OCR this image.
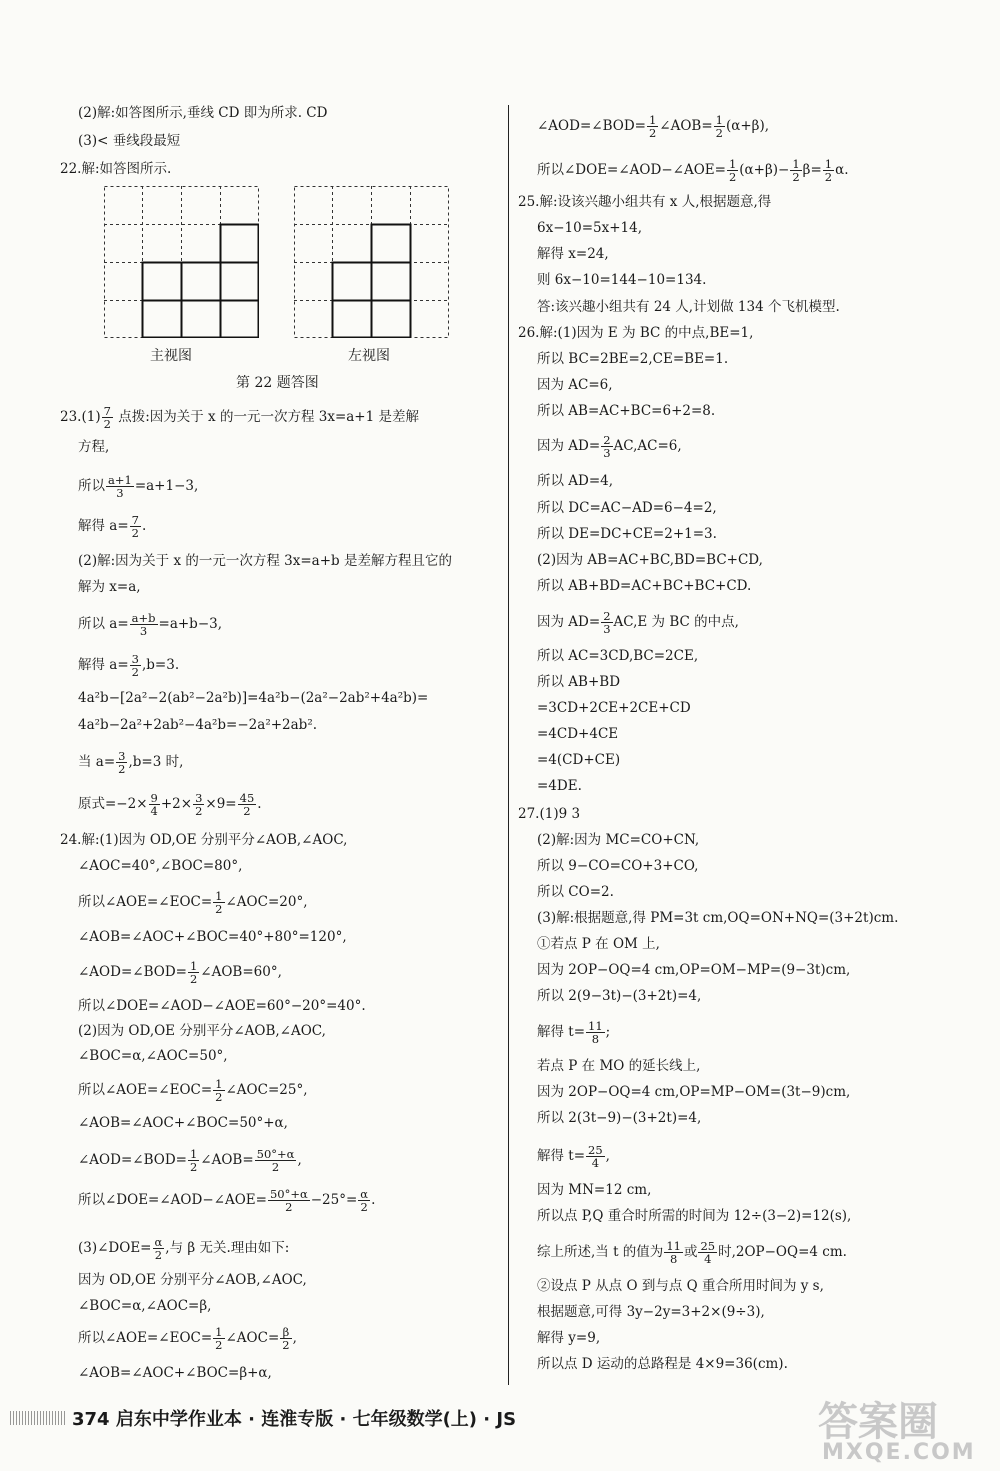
(2)解:如答图所示,垂线 CD 即为所求. CD
(3)< 垂线段最短
22.解:如答图所示.
主视图	左视图
第 22 题答图
$23.(1) \frac{7}{2}$ 点拨:因为关于 x 的一元一次方程 3x=a+1 是差解
方程,
所以 $\frac{a+1}{3} =a+1-3$,
解得 $a= \frac{7}{2}$ .
(2)解:因为关于 x 的一元一次方程 3x=a+b 是差解方程且它的
解为 x=a,
所以 $a= \frac{a+b}{3} =a+b-3$,
解得 $a= \frac{3}{2} ,b=3$.
4a²b−[2a²−2(ab²−2a²b)]=4a²b−(2a²−2ab²+4a²b)=
4a²b−2a²+2ab²−4a²b=−2a²+2ab².
当 $a= \frac{3}{2} ,b=3$ 时,
原式$=-2\times \frac{9}{4} +2\times \frac{3}{2} \times 9= \frac{45}{2}$ .
24.解:(1)因为 OD,OE 分别平分∠AOB,∠AOC,
∠AOC=40°,∠BOC=80°,
所以∠AOE=∠EOC= $\frac{1}{2}$ ∠AOC=20°,
∠AOB=∠AOC+∠BOC=40°+80°=120°,
∠AOD=∠BOD= $\frac{1}{2}$ ∠AOB=60°,
所以∠DOE=∠AOD−∠AOE=60°−20°=40°.
(2)因为 OD,OE 分别平分∠AOB,∠AOC,
∠BOC=α,∠AOC=50°,
所以∠AOE=∠EOC= $\frac{1}{2}$ ∠AOC=25°,
∠AOB=∠AOC+∠BOC=50°+α,
∠AOD=∠BOD= $\frac{1}{2}$ ∠AOB= $\frac{50^\circ+\alpha}{2}$ ,
所以∠DOE=∠AOD−∠AOE= $\frac{50^\circ+\alpha}{2} -25^\circ= \frac{\alpha}{2}$ .
(3)∠DOE= $\frac{\alpha}{2}$ ,与 β 无关.理由如下:
因为 OD,OE 分别平分∠AOB,∠AOC,
∠BOC=α,∠AOC=β,
所以∠AOE=∠EOC= $\frac{1}{2}$ ∠AOC= $\frac{\beta}{2}$ ,
∠AOB=∠AOC+∠BOC=β+α,
∠AOD=∠BOD= $\frac{1}{2}$ ∠AOB= $\frac{1}{2} (\alpha+\beta)$,
所以∠DOE=∠AOD−∠AOE= $\frac{1}{2} (\alpha+\beta)- \frac{1}{2} \beta= \frac{1}{2} \alpha$.
25.解:设该兴趣小组共有 x 人,根据题意,得
6x−10=5x+14,
解得 x=24,
则 6x−10=144−10=134.
答:该兴趣小组共有 24 人,计划做 134 个飞机模型.
26.解:(1)因为 E 为 BC 的中点,BE=1,
所以 BC=2BE=2,CE=BE=1.
因为 AC=6,
所以 AB=AC+BC=6+2=8.
因为 $AD= \frac{2}{3} AC,AC=6$,
所以 AD=4,
所以 DC=AC−AD=6−4=2,
所以 DE=DC+CE=2+1=3.
(2)因为 AB=AC+BC,BD=BC+CD,
所以 AB+BD=AC+BC+BC+CD.
因为 $AD= \frac{2}{3} AC,E$ 为 BC 的中点,
所以 AC=3CD,BC=2CE,
所以 AB+BD
=3CD+2CE+2CE+CD
=4CD+4CE
=4(CD+CE)
=4DE.
27.(1)9 3
(2)解:因为 MC=CO+CN,
所以 9−CO=CO+3+CO,
所以 CO=2.
(3)解:根据题意,得 PM=3t cm,OQ=ON+NQ=(3+2t)cm.
①若点 P 在 OM 上,
因为 2OP−OQ=4 cm,OP=OM−MP=(9−3t)cm,
所以 2(9−3t)−(3+2t)=4,
解得 $t= \frac{11}{8}$ ;
若点 P 在 MO 的延长线上,
因为 2OP−OQ=4 cm,OP=MP−OM=(3t−9)cm,
所以 2(3t−9)−(3+2t)=4,
解得 $t= \frac{25}{4}$ ,
因为 MN=12 cm,
所以点 P,Q 重合时所需的时间为 12÷(3−2)=12(s),
综上所述,当 t 的值为 $\frac{11}{8}$ 或 $\frac{25}{4}$ 时,2OP−OQ=4 cm.
②设点 P 从点 O 到与点 Q 重合所用时间为 y s,
根据题意,可得 3y−2y=3+2×(9÷3),
解得 y=9,
所以点 D 运动的总路程是 4×9=36(cm).
374 启东中学作业本 · 连淮专版 · 七年级数学(上) · JS	答案圈
MXQE.COM
